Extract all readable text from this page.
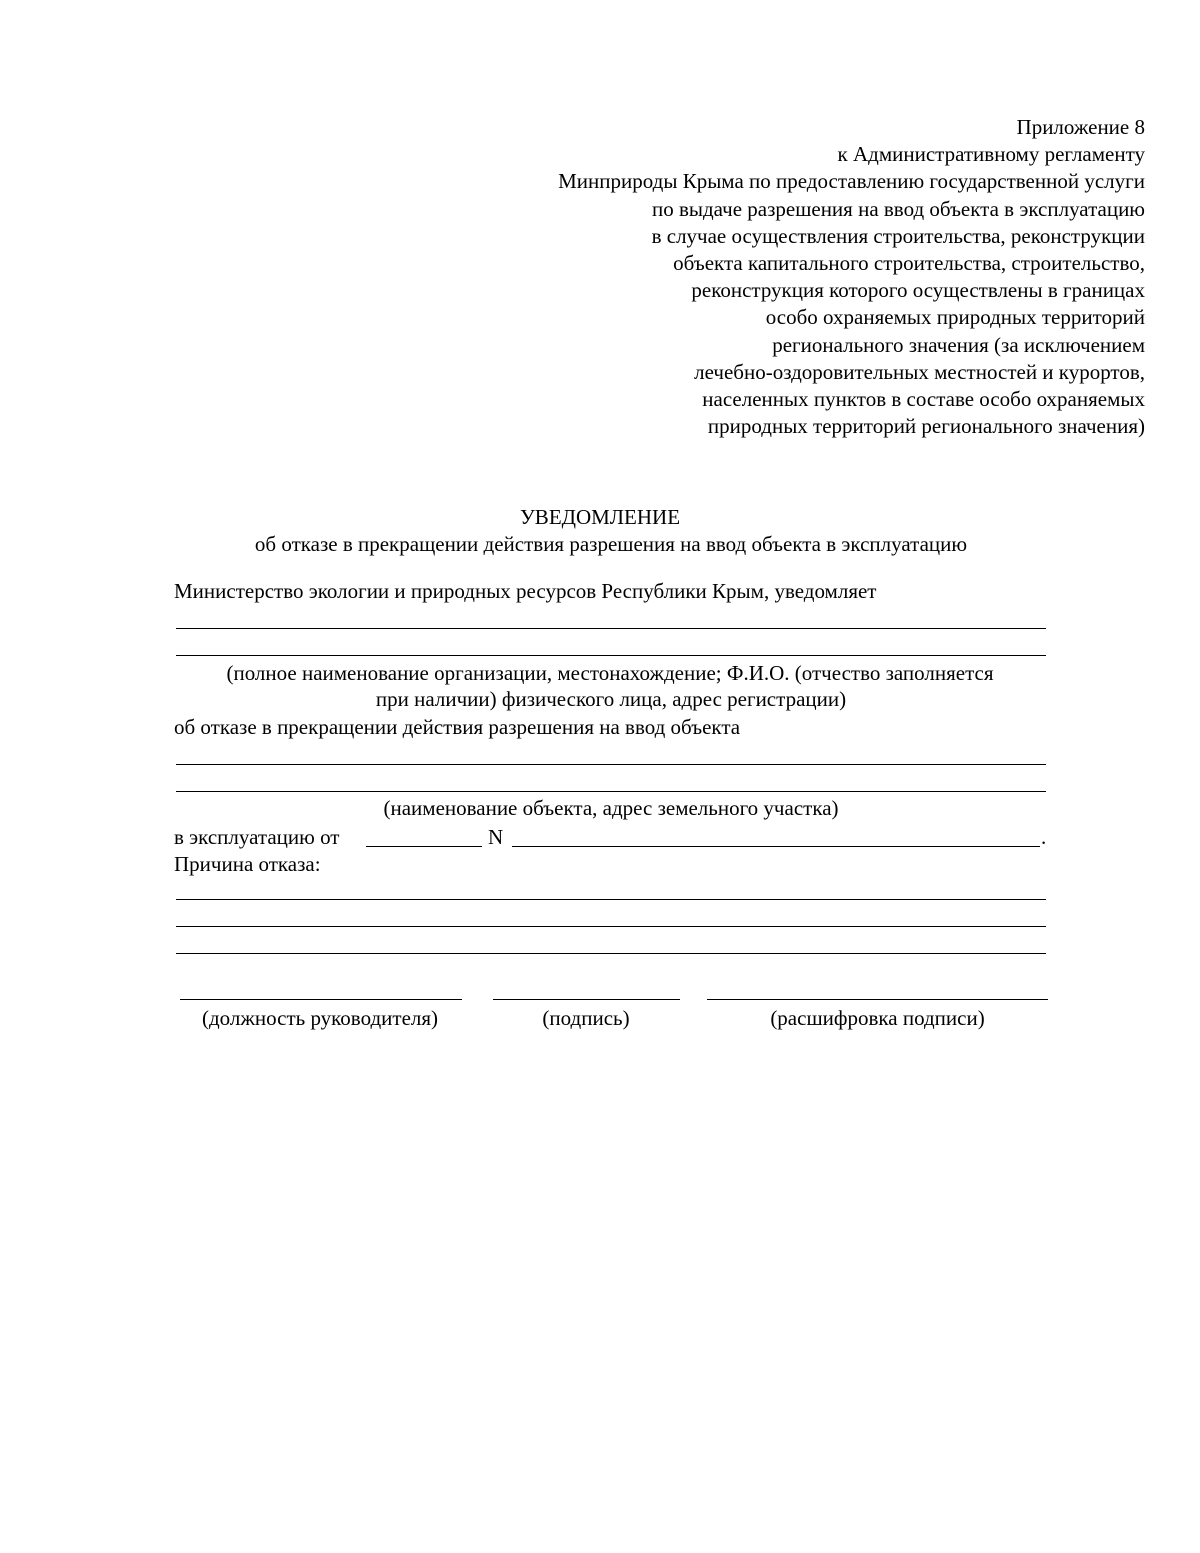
Приложение 8
к Административному регламенту
Минприроды Крыма по предоставлению государственной услуги
по выдаче разрешения на ввод объекта в эксплуатацию
в случае осуществления строительства, реконструкции
объекта капитального строительства, строительство,
реконструкция которого осуществлены в границах
особо охраняемых природных территорий
регионального значения (за исключением
лечебно-оздоровительных местностей и курортов,
населенных пунктов в составе особо охраняемых
природных территорий регионального значения)
УВЕДОМЛЕНИЕ
об отказе в прекращении действия разрешения на ввод объекта в эксплуатацию
Министерство экологии и природных ресурсов Республики Крым, уведомляет
(полное наименование организации, местонахождение; Ф.И.О. (отчество заполняется
при наличии) физического лица, адрес регистрации)
об отказе в прекращении действия разрешения на ввод объекта
(наименование объекта, адрес земельного участка)
в эксплуатацию от	N	.
Причина отказа:
(должность руководителя)	(подпись)	(расшифровка подписи)
